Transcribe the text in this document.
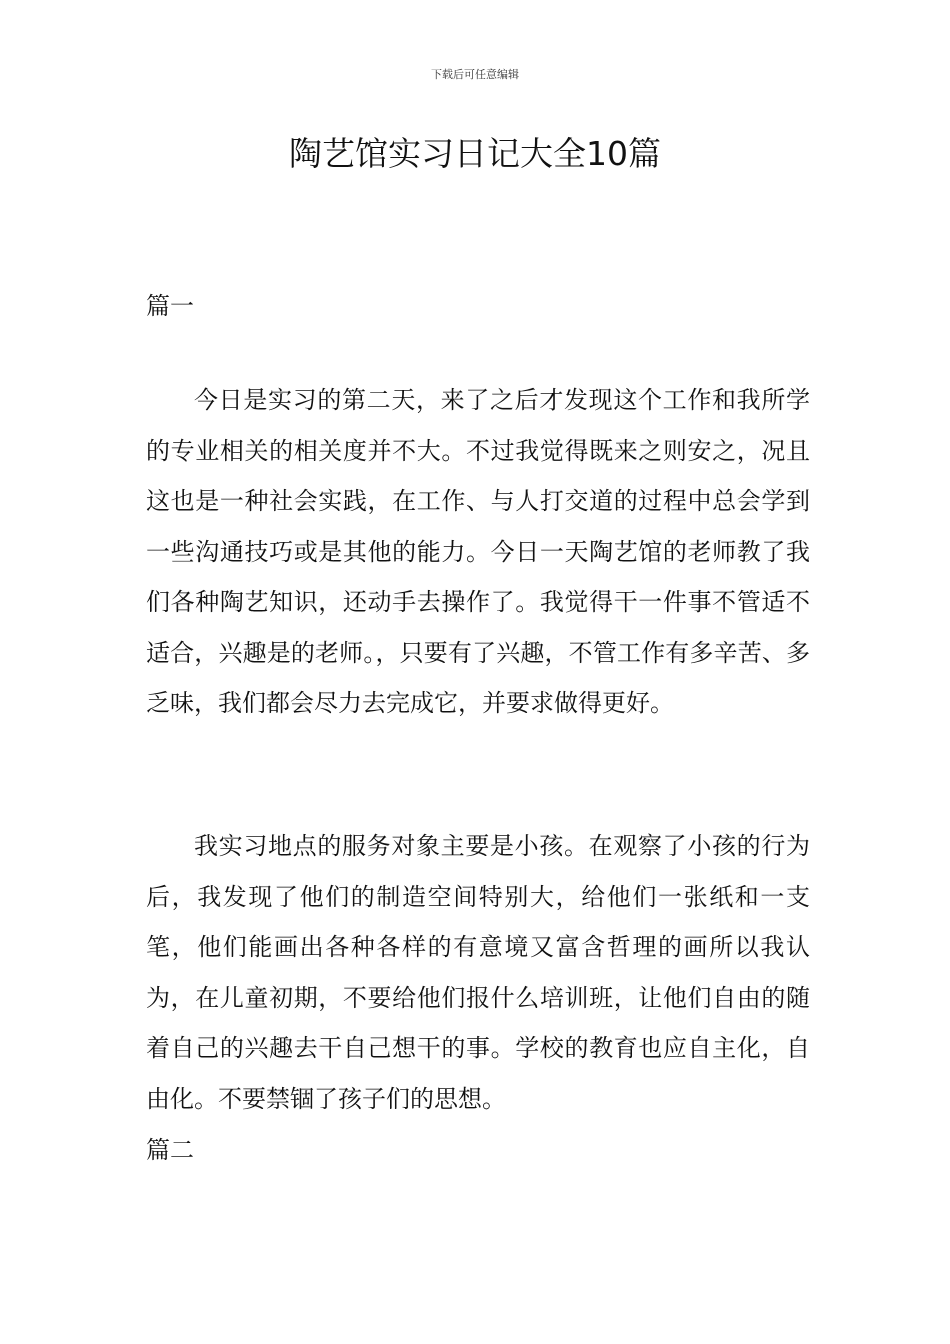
下载后可任意编辑
陶艺馆实习日记大全10篇
篇一

今日是实习的第二天，来了之后才发现这个工作和我所学的专业相关的相关度并不大。不过我觉得既来之则安之，况且这也是一种社会实践，在工作、与人打交道的过程中总会学到一些沟通技巧或是其他的能力。今日一天陶艺馆的老师教了我们各种陶艺知识，还动手去操作了。我觉得干一件事不管适不适合，兴趣是的老师。，只要有了兴趣，不管工作有多辛苦、多乏味，我们都会尽力去完成它，并要求做得更好。

我实习地点的服务对象主要是小孩。在观察了小孩的行为后，我发现了他们的制造空间特别大，给他们一张纸和一支笔，他们能画出各种各样的有意境又富含哲理的画所以我认为，在儿童初期，不要给他们报什么培训班，让他们自由的随着自己的兴趣去干自己想干的事。学校的教育也应自主化，自由化。不要禁锢了孩子们的思想。

篇二
